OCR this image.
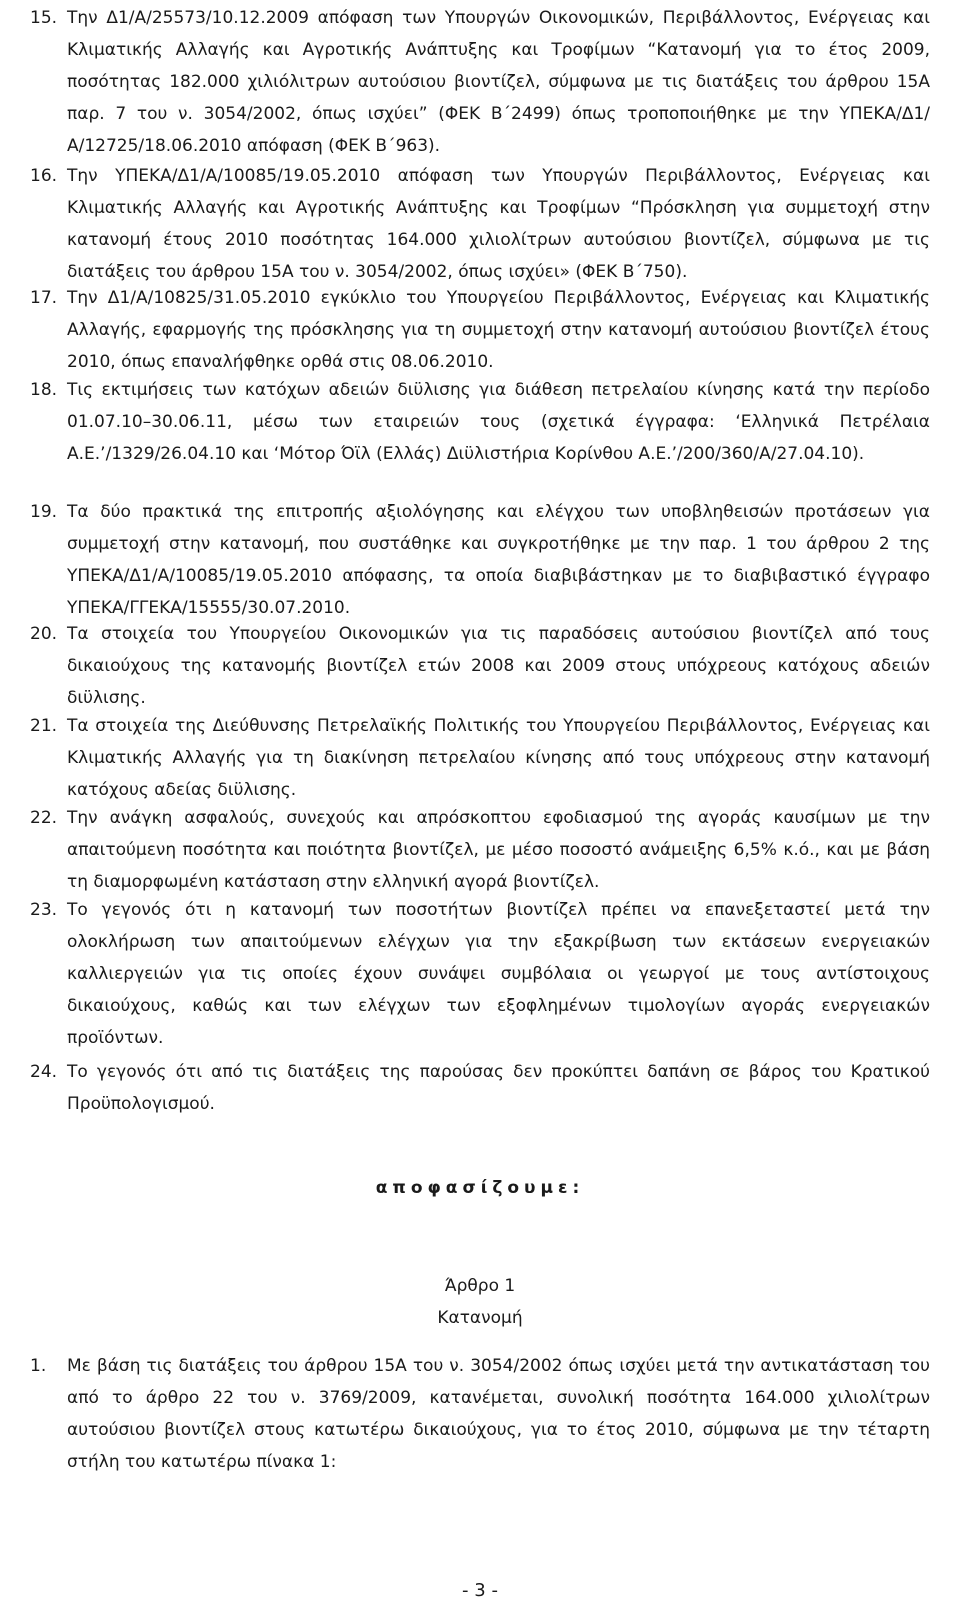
15. Την Δ1/Α/25573/10.12.2009 απόφαση των Υπουργών Οικονομικών, Περιβάλλοντος, Ενέργειας και Κλιματικής Αλλαγής και Αγροτικής Ανάπτυξης και Τροφίμων “Κατανομή για το έτος 2009, ποσότητας 182.000 χιλιόλιτρων αυτούσιου βιοντίζελ, σύμφωνα με τις διατάξεις του άρθρου 15Α παρ. 7 του ν. 3054/2002, όπως ισχύει” (ΦΕΚ Β΄2499) όπως τροποποιήθηκε με την ΥΠΕΚΑ/Δ1/Α/12725/18.06.2010 απόφαση (ΦΕΚ Β΄963).
16. Την ΥΠΕΚΑ/Δ1/Α/10085/19.05.2010 απόφαση των Υπουργών Περιβάλλοντος, Ενέργειας και Κλιματικής Αλλαγής και Αγροτικής Ανάπτυξης και Τροφίμων “Πρόσκληση για συμμετοχή στην κατανομή έτους 2010 ποσότητας 164.000 χιλιολίτρων αυτούσιου βιοντίζελ, σύμφωνα με τις διατάξεις του άρθρου 15Α του ν. 3054/2002, όπως ισχύει» (ΦΕΚ Β΄750).
17. Την Δ1/Α/10825/31.05.2010 εγκύκλιο του Υπουργείου Περιβάλλοντος, Ενέργειας και Κλιματικής Αλλαγής, εφαρμογής της πρόσκλησης για τη συμμετοχή στην κατανομή αυτούσιου βιοντίζελ έτους 2010, όπως επαναλήφθηκε ορθά στις 08.06.2010.
18. Τις εκτιμήσεις των κατόχων αδειών διϋλισης για διάθεση πετρελαίου κίνησης κατά την περίοδο 01.07.10–30.06.11, μέσω των εταιρειών τους (σχετικά έγγραφα: ‘Ελληνικά Πετρέλαια Α.Ε.’/1329/26.04.10 και ‘Μότορ Όϊλ (Ελλάς) Διϋλιστήρια Κορίνθου Α.Ε.’/200/360/Α/27.04.10).
19. Τα δύο πρακτικά της επιτροπής αξιολόγησης και ελέγχου των υποβληθεισών προτάσεων για συμμετοχή στην κατανομή, που συστάθηκε και συγκροτήθηκε με την παρ. 1 του άρθρου 2 της ΥΠΕΚΑ/Δ1/Α/10085/19.05.2010 απόφασης, τα οποία διαβιβάστηκαν με το διαβιβαστικό έγγραφο ΥΠΕΚΑ/ΓΓΕΚΑ/15555/30.07.2010.
20. Τα στοιχεία του Υπουργείου Οικονομικών για τις παραδόσεις αυτούσιου βιοντίζελ από τους δικαιούχους της κατανομής βιοντίζελ ετών 2008 και 2009 στους υπόχρεους κατόχους αδειών διϋλισης.
21. Τα στοιχεία της Διεύθυνσης Πετρελαϊκής Πολιτικής του Υπουργείου Περιβάλλοντος, Ενέργειας και Κλιματικής Αλλαγής για τη διακίνηση πετρελαίου κίνησης από τους υπόχρεους στην κατανομή κατόχους αδείας διϋλισης.
22. Την ανάγκη ασφαλούς, συνεχούς και απρόσκοπτου εφοδιασμού της αγοράς καυσίμων με την απαιτούμενη ποσότητα και ποιότητα βιοντίζελ, με μέσο ποσοστό ανάμειξης 6,5% κ.ό., και με βάση τη διαμορφωμένη κατάσταση στην ελληνική αγορά βιοντίζελ.
23. Το γεγονός ότι η κατανομή των ποσοτήτων βιοντίζελ πρέπει να επανεξεταστεί μετά την ολοκλήρωση των απαιτούμενων ελέγχων για την εξακρίβωση των εκτάσεων ενεργειακών καλλιεργειών για τις οποίες έχουν συνάψει συμβόλαια οι γεωργοί με τους αντίστοιχους δικαιούχους, καθώς και των ελέγχων των εξοφλημένων τιμολογίων αγοράς ενεργειακών προϊόντων.
24. Το γεγονός ότι από τις διατάξεις της παρούσας δεν προκύπτει δαπάνη σε βάρος του Κρατικού Προϋπολογισμού.
αποφασίζουμε:
Άρθρο 1
Κατανομή
1.	Με βάση τις διατάξεις του άρθρου 15Α του ν. 3054/2002 όπως ισχύει μετά την αντικατάσταση του από το άρθρο 22 του ν. 3769/2009, κατανέμεται, συνολική ποσότητα 164.000 χιλιολίτρων αυτούσιου βιοντίζελ στους κατωτέρω δικαιούχους, για το έτος 2010, σύμφωνα με την τέταρτη στήλη του κατωτέρω πίνακα 1:
- 3 -
